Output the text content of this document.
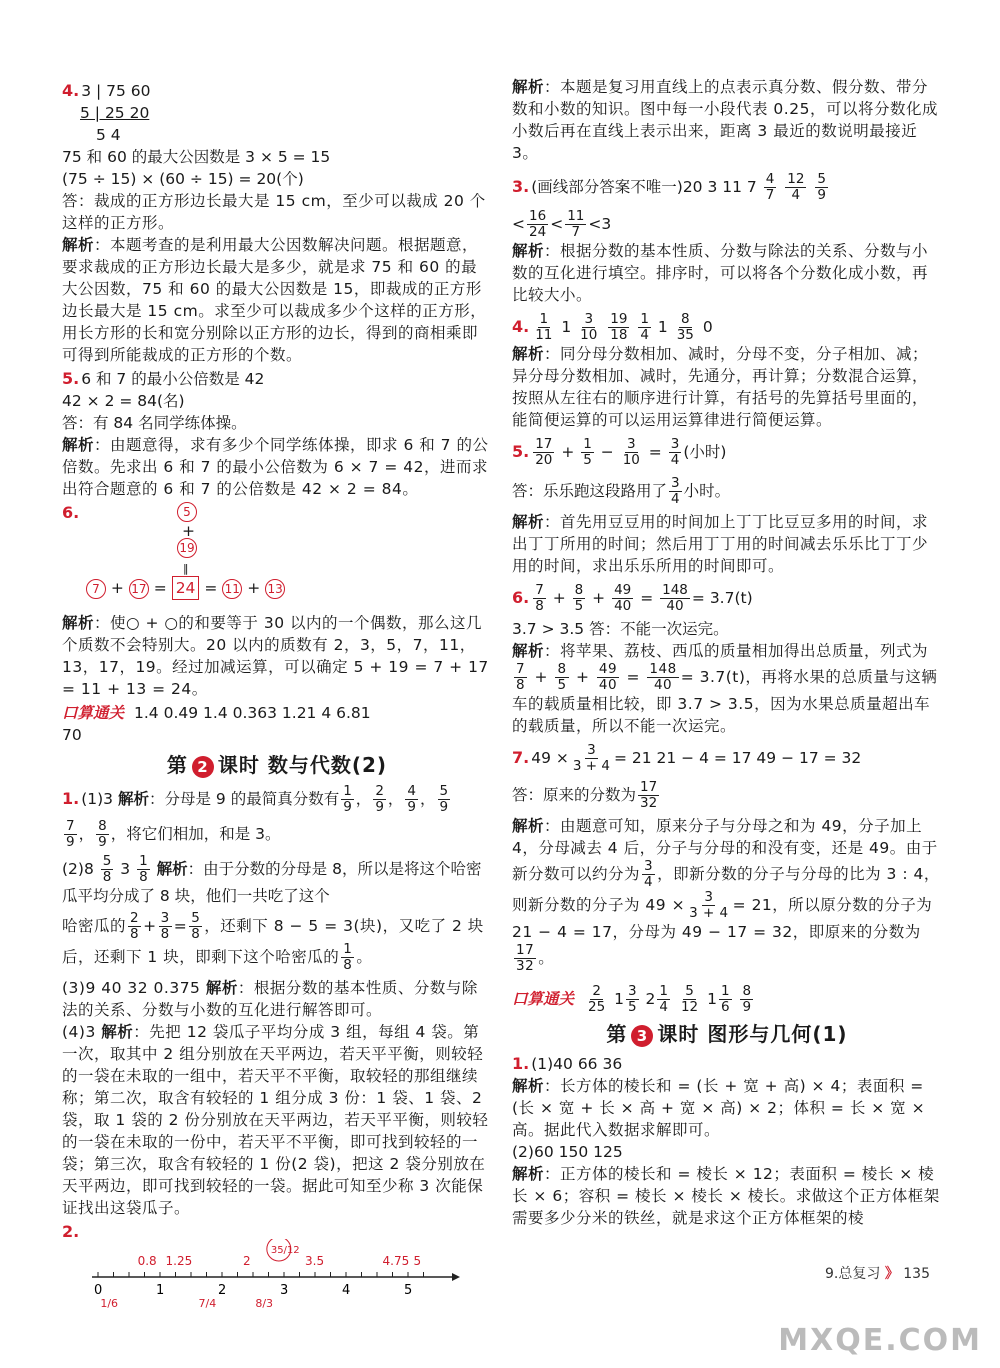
4. 3 | 75 60
5 | 25 20
5 4
75 和 60 的最大公因数是 3 × 5 = 15
(75 ÷ 15) × (60 ÷ 15) = 20(个)
答：裁成的正方形边长最大是 15 cm，至少可以裁成 20 个这样的正方形。
解析：本题考查的是利用最大公因数解决问题。根据题意，要求裁成的正方形边长最大是多少，就是求 75 和 60 的最大公因数，75 和 60 的最大公因数是 15，即裁成的正方形边长最大是 15 cm。求至少可以裁成多少个这样的正方形，用长方形的长和宽分别除以正方形的边长，得到的商相乘即可得到所能裁成的正方形的个数。
5. 6 和 7 的最小公倍数是 42
42 × 2 = 84(名)
答：有 84 名同学练体操。
解析：由题意得，求有多少个同学练体操，即求 6 和 7 的公倍数。先求出 6 和 7 的最小公倍数为 6 × 7 = 42，进而求出符合题意的 6 和 7 的公倍数是 42 × 2 = 84。
6.	5
+
19
‖
7 + 17 = 24 = 11 + 13
解析：使○ + ○的和要等于 30 以内的一个偶数，那么这几个质数不会特别大。20 以内的质数有 2，3，5，7，11，13，17，19。经过加减运算，可以确定 5 + 19 = 7 + 17 = 11 + 13 = 24。
口算通关 1.4 0.49 1.4 0.363 1.21 4 6.81
70
第 2 课时 数与代数(2)
1. (1)3 解析：分母是 9 的最简真分数有 $\frac{1}{9}$ ， $\frac{2}{9}$ ， $\frac{4}{9}$ ， $\frac{5}{9}$
$\frac{7}{9}$ ， $\frac{8}{9}$ ，将它们相加，和是 3。
$(2)8 \frac{5}{8} 3 \frac{1}{8}$ 解析：由于分数的分母是 8，所以是将这个哈密瓜平均分成了 8 块，他们一共吃了这个
哈密瓜的 $\frac{2}{8} + \frac{3}{8} = \frac{5}{8}$ ，还剩下 8 − 5 = 3(块)，又吃了 2 块后，还剩下 1 块，即剩下这个哈密瓜的 $\frac{1}{8}$ 。
(3)9 40 32 0.375 解析：根据分数的基本性质、分数与除法的关系、分数与小数的互化进行解答即可。
(4)3 解析：先把 12 袋瓜子平均分成 3 组，每组 4 袋。第一次，取其中 2 组分别放在天平两边，若天平平衡，则较轻的一袋在未取的一组中，若天平不平衡，取较轻的那组继续称；第二次，取含有较轻的 1 组分成 3 份：1 袋、1 袋、2 袋，取 1 袋的 2 份分别放在天平两边，若天平平衡，则较轻的一袋在未取的一份中，若天平不平衡，即可找到较轻的一袋；第三次，取含有较轻的 1 份(2 袋)，把这 2 袋分别放在天平两边，即可找到较轻的一袋。据此可知至少称 3 次能保证找出这袋瓜子。
2.
0	1	2	3	4	5
0.8 1.25	2	3.5	4.75 5
35/12
1/6	7/4	8/3
解析：本题是复习用直线上的点表示真分数、假分数、带分数和小数的知识。图中每一小段代表 0.25，可以将分数化成小数后再在直线上表示出来，距离 3 最近的数说明最接近 3。
3. (画线部分答案不唯一)20 3 11 $7 \frac{4}{7}$
$\frac{12}{4}$
$\frac{5}{9}$
< $\frac{16}{24} < \frac{11}{7} <3$
解析：根据分数的基本性质、分数与除法的关系、分数与小数的互化进行填空。排序时，可以将各个分数化成小数，再比较大小。
4. $\frac{1}{11} 1 \frac{3}{10}$
$\frac{19}{18}$
$\frac{1}{4} 1 \frac{8}{35} 0$
解析：同分母分数相加、减时，分母不变，分子相加、减；异分母分数相加、减时，先通分，再计算；分数混合运算，按照从左往右的顺序进行计算，有括号的先算括号里面的，能简便运算的可以运用运算律进行简便运算。
5. $\frac{17}{20} + \frac{1}{5} - \frac{3}{10} = \frac{3}{4}$ (小时)
答：乐乐跑这段路用了 $\frac{3}{4}$ 小时。
解析：首先用豆豆用的时间加上丁丁比豆豆多用的时间，求出丁丁所用的时间；然后用丁丁用的时间减去乐乐比丁丁少用的时间，求出乐乐所用的时间即可。
6. $\frac{7}{8} + \frac{8}{5} + \frac{49}{40} = \frac{148}{40} = 3.7(t)$
3.7 > 3.5 答：不能一次运完。
解析：将苹果、荔枝、西瓜的质量相加得出总质量，列式为
$\frac{7}{8} + \frac{8}{5} + \frac{49}{40} = \frac{148}{40} = 3.7(t)$，再将水果的总质量与这辆车的载质量相比较，即 3.7 > 3.5，因为水果总质量超出车的载质量，所以不能一次运完。
7. $49 \times \frac{3}{3 + 4} = 21$ 21 − 4 = 17 49 − 17 = 32
答：原来的分数为 $\frac{17}{32}$
解析：由题意可知，原来分子与分母之和为 49，分子加上 4，分母减去 4 后，分子与分母的和没有变，还是 49。由于新分数可以约分为 $\frac{3}{4}$ ，即新分数的分子与分母的比为 3 : 4，则新分数的分子为 $49 \times \frac{3}{3 + 4} = 21$，所以原分数的分子为 21 − 4 = 17，分母为 49 − 17 = 32，即原来的分数为
$\frac{17}{32}$ 。
口算通关 $\frac{2}{25} 1 \frac{3}{5} 2 \frac{1}{4}$
$\frac{5}{12} 1 \frac{1}{6}$
$\frac{8}{9}$
第 3 课时 图形与几何(1)
1. (1)40 66 36
解析：长方体的棱长和 = (长 + 宽 + 高) × 4；表面积 = (长 × 宽 + 长 × 高 + 宽 × 高) × 2；体积 = 长 × 宽 × 高。据此代入数据求解即可。
(2)60 150 125
解析：正方体的棱长和 = 棱长 × 12；表面积 = 棱长 × 棱长 × 6；容积 = 棱长 × 棱长 × 棱长。求做这个正方体框架需要多少分米的铁丝，就是求这个正方体框架的棱
9.总复习 》 135
MXQE.COM
